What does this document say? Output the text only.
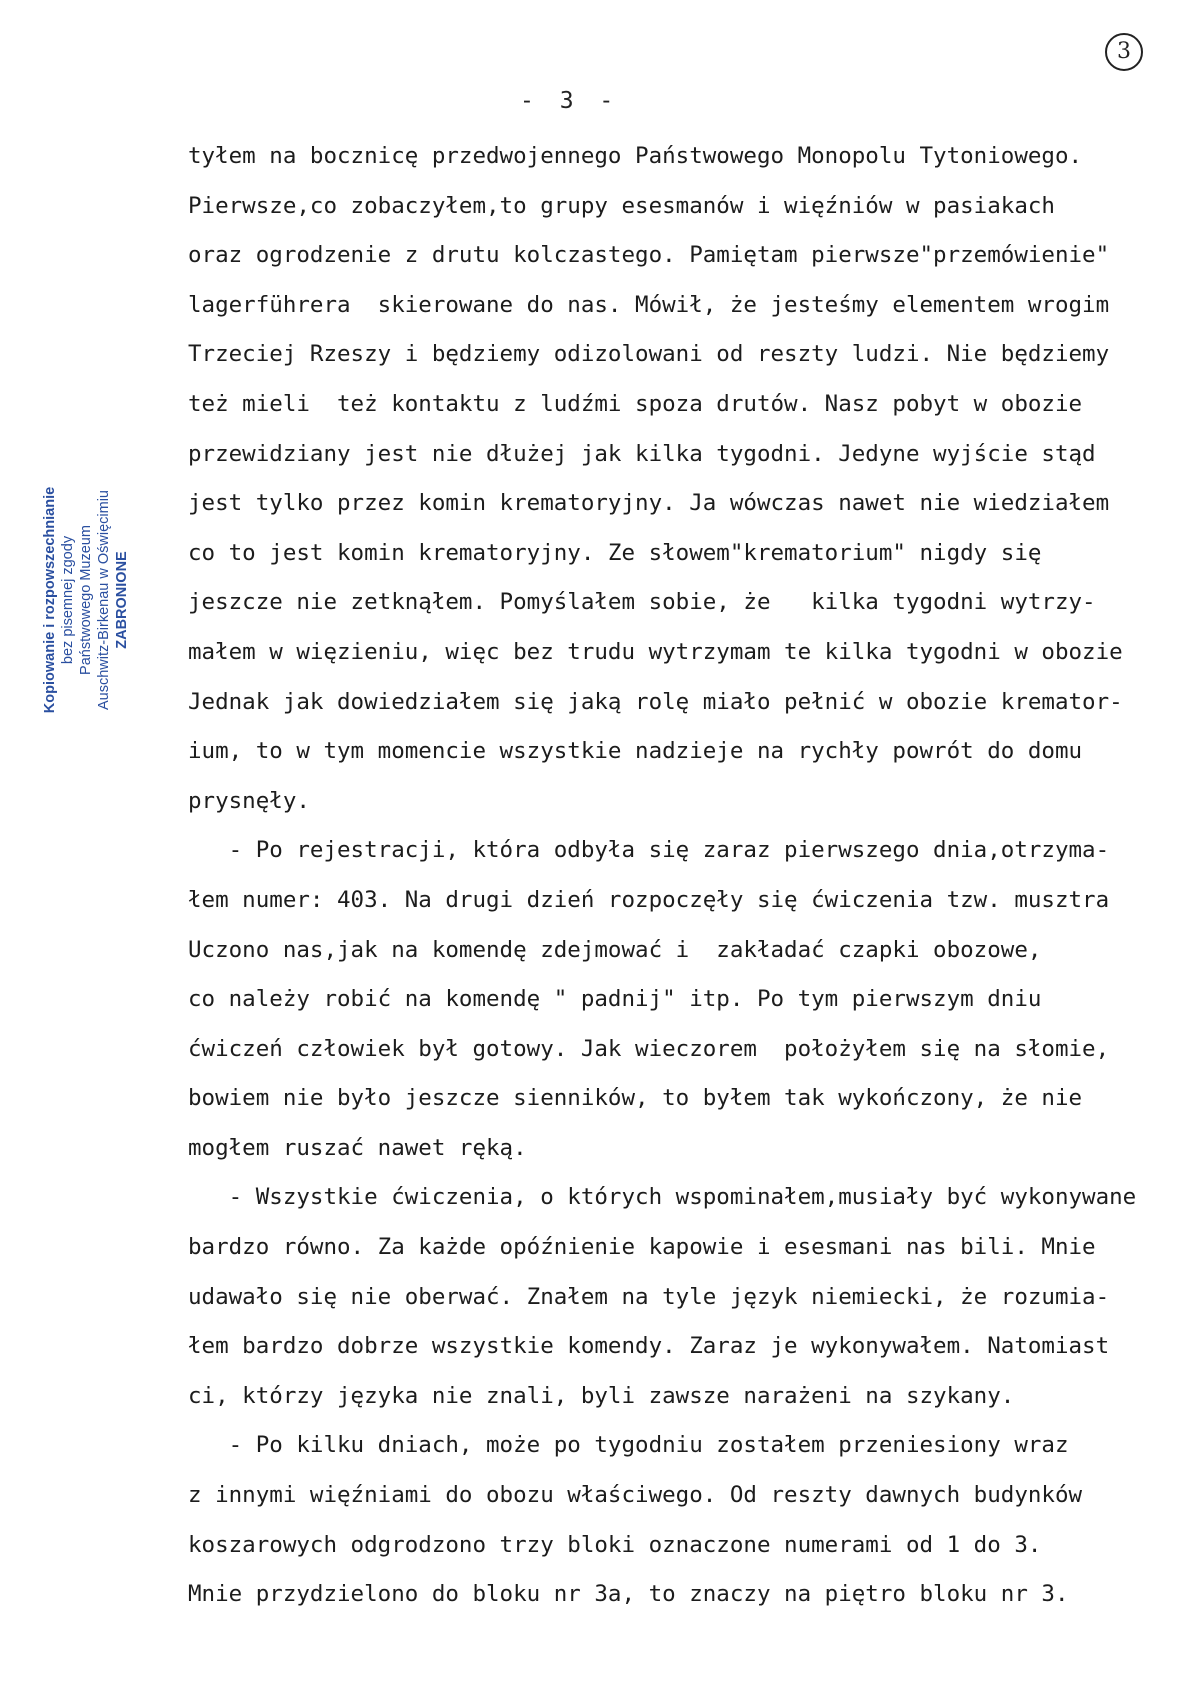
3
- 3 -
Kopiowanie i rozpowszechnianie bez pisemnej zgody Państwowego Muzeum Auschwitz-Birkenau w Oświęcimiu ZABRONIONE
tyłem na bocznicę przedwojennego Państwowego Monopolu Tytoniowego.
Pierwsze,co zobaczyłem,to grupy esesmanów i więźniów w pasiakach
oraz ogrodzenie z drutu kolczastego. Pamiętam pierwsze"przemówienie"
lagerführera  skierowane do nas. Mówił, że jesteśmy elementem wrogim
Trzeciej Rzeszy i będziemy odizolowani od reszty ludzi. Nie będziemy
też mieli  też kontaktu z ludźmi spoza drutów. Nasz pobyt w obozie
przewidziany jest nie dłużej jak kilka tygodni. Jedyne wyjście stąd
jest tylko przez komin krematoryjny. Ja wówczas nawet nie wiedziałem
co to jest komin krematoryjny. Ze słowem"krematorium" nigdy się
jeszcze nie zetknąłem. Pomyślałem sobie, że   kilka tygodni wytrzy-
małem w więzieniu, więc bez trudu wytrzymam te kilka tygodni w obozie
Jednak jak dowiedziałem się jaką rolę miało pełnić w obozie kremator-
ium, to w tym momencie wszystkie nadzieje na rychły powrót do domu
prysnęły.
- Po rejestracji, która odbyła się zaraz pierwszego dnia,otrzyma-
łem numer: 403. Na drugi dzień rozpoczęły się ćwiczenia tzw. musztra
Uczono nas,jak na komendę zdejmować i  zakładać czapki obozowe,
co należy robić na komendę " padnij" itp. Po tym pierwszym dniu
ćwiczeń człowiek był gotowy. Jak wieczorem  położyłem się na słomie,
bowiem nie było jeszcze sienników, to byłem tak wykończony, że nie
mogłem ruszać nawet ręką.
- Wszystkie ćwiczenia, o których wspominałem,musiały być wykonywane
bardzo równo. Za każde opóźnienie kapowie i esesmani nas bili. Mnie
udawało się nie oberwać. Znałem na tyle język niemiecki, że rozumia-
łem bardzo dobrze wszystkie komendy. Zaraz je wykonywałem. Natomiast
ci, którzy języka nie znali, byli zawsze narażeni na szykany.
- Po kilku dniach, może po tygodniu zostałem przeniesiony wraz
z innymi więźniami do obozu właściwego. Od reszty dawnych budynków
koszarowych odgrodzono trzy bloki oznaczone numerami od 1 do 3.
Mnie przydzielono do bloku nr 3a, to znaczy na piętro bloku nr 3.
